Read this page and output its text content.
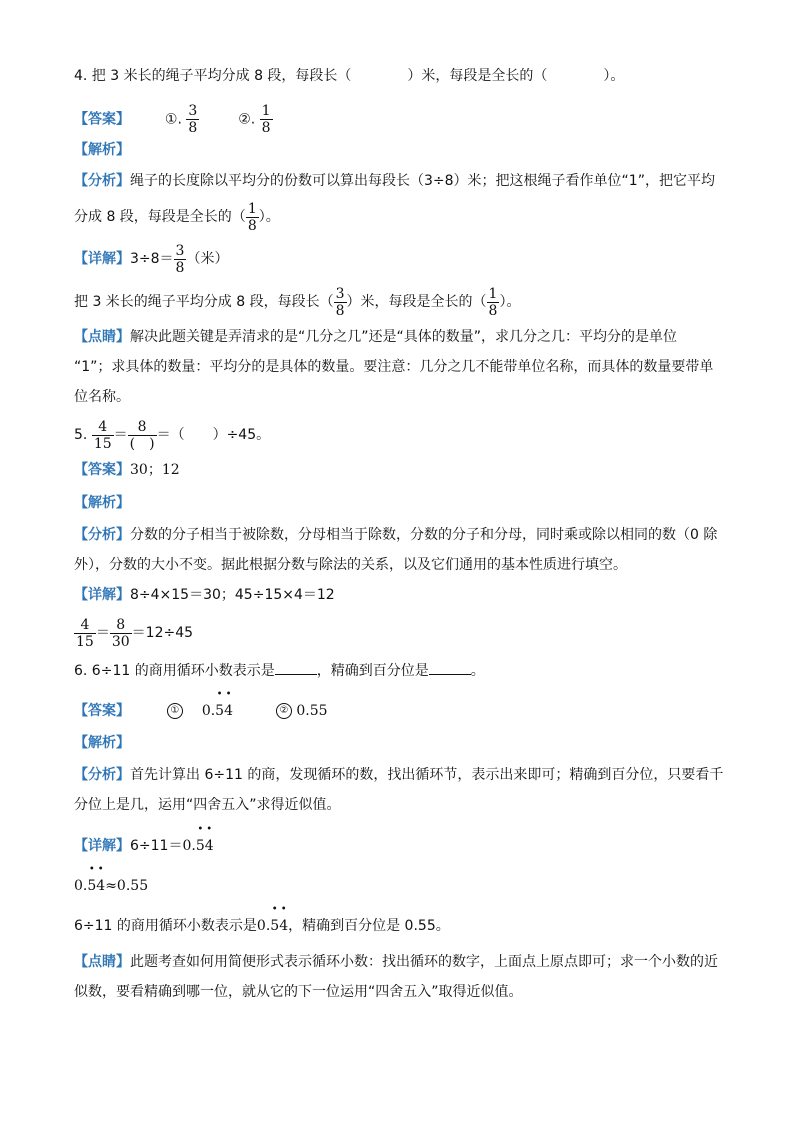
4. 把 3 米长的绳子平均分成 8 段，每段长（　　　　）米，每段是全长的（　　　　）。
【答案】 ①. $\frac{3}{8}$	②. $\frac{1}{8}$
【解析】
【分析】绳子的长度除以平均分的份数可以算出每段长（3÷8）米；把这根绳子看作单位“1”，把它平均
分成 8 段，每段是全长的（ $\frac{1}{8}$ ）。
【详解】$3\div 8= \frac{3}{8}$ （米）
把 3 米长的绳子平均分成 8 段，每段长（ $\frac{3}{8}$ ）米，每段是全长的（ $\frac{1}{8}$ ）。
【点睛】解决此题关键是弄清求的是“几分之几”还是“具体的数量”，求几分之几：平均分的是单位
“1”；求具体的数量：平均分的是具体的数量。要注意：几分之几不能带单位名称，而具体的数量要带单
位名称。
5. $\frac{4}{15} = \frac{8}{( )}$ ＝（　　）÷45。
【答案】30；12
【解析】
【分析】分数的分子相当于被除数，分母相当于除数，分数的分子和分母，同时乘或除以相同的数（0 除
外），分数的大小不变。据此根据分数与除法的关系，以及它们通用的基本性质进行填空。
【详解】8÷4×15＝30；45÷15×4＝12
$\frac{4}{15} = \frac{8}{30} =12\div 45$
6. 6÷11 的商用循环小数表示是	，精确到百分位是	。
【答案】	① 0.
•
5
•
4	② 0.55
【解析】
【分析】首先计算出 6÷11 的商，发现循环的数，找出循环节，表示出来即可；精确到百分位，只要看千
分位上是几，运用“四舍五入”求得近似值。
【详解】6÷11＝0.
•
5
•
4
0.
•
5
•
4≈0.55
6÷11 的商用循环小数表示是0.
•
5
•
4，精确到百分位是 0.55。
【点睛】此题考查如何用简便形式表示循环小数：找出循环的数字，上面点上原点即可；求一个小数的近
似数，要看精确到哪一位，就从它的下一位运用“四舍五入”取得近似值。
